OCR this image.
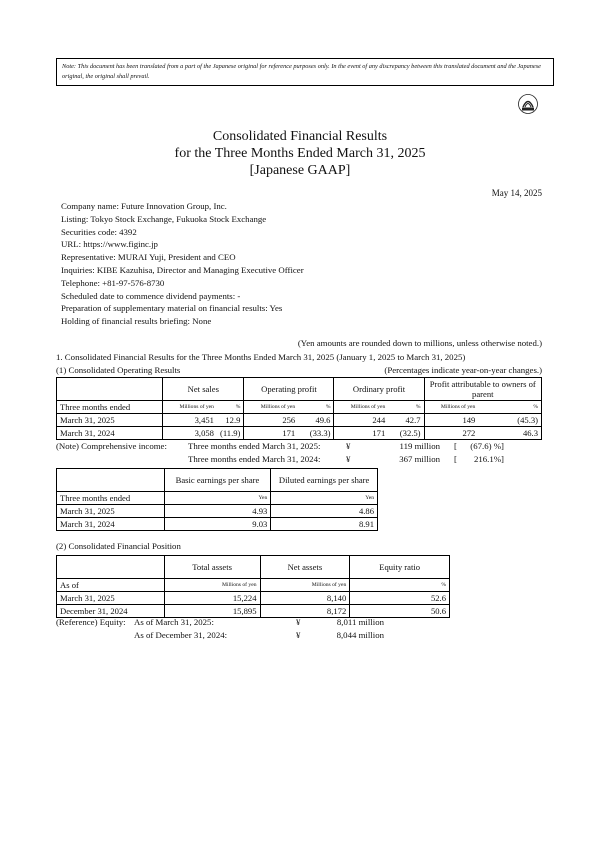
Note: This document has been translated from a part of the Japanese original for reference purposes only. In the event of any discrepancy between this translated document and the Japanese original, the original shall prevail.
Consolidated Financial Results
for the Three Months Ended March 31, 2025
[Japanese GAAP]
May 14, 2025
Company name: Future Innovation Group, Inc.
Listing: Tokyo Stock Exchange, Fukuoka Stock Exchange
Securities code: 4392
URL: https://www.figinc.jp
Representative: MURAI Yuji, President and CEO
Inquiries: KIBE Kazuhisa, Director and Managing Executive Officer
Telephone: +81-97-576-8730
Scheduled date to commence dividend payments: -
Preparation of supplementary material on financial results: Yes
Holding of financial results briefing: None
(Yen amounts are rounded down to millions, unless otherwise noted.)
1. Consolidated Financial Results for the Three Months Ended March 31, 2025 (January 1, 2025 to March 31, 2025)
(1) Consolidated Operating Results	(Percentages indicate year-on-year changes.)
	Net sales		Operating profit		Ordinary profit		Profit attributable to owners of parent	
Three months ended	Millions of yen	%	Millions of yen	%	Millions of yen	%	Millions of yen	%
March 31, 2025	3,451	12.9	256	49.6	244	42.7	149	(45.3)
March 31, 2024	3,058	(11.9)	171	(33.3)	171	(32.5)	272	46.3
(Note) Comprehensive income: Three months ended March 31, 2025:	¥	119 million [	(67.6) %]
Three months ended March 31, 2024:	¥	367 million [	216.1%]
	Basic earnings per share	Diluted earnings per share
Three months ended	Yen	Yen
March 31, 2025	4.93	4.86
March 31, 2024	9.03	8.91
(2) Consolidated Financial Position
	Total assets	Net assets	Equity ratio
As of	Millions of yen	Millions of yen	%
March 31, 2025	15,224	8,140	52.6
December 31, 2024	15,895	8,172	50.6
(Reference) Equity: As of March 31, 2025:	¥	8,011 million
As of December 31, 2024:	¥	8,044 million
